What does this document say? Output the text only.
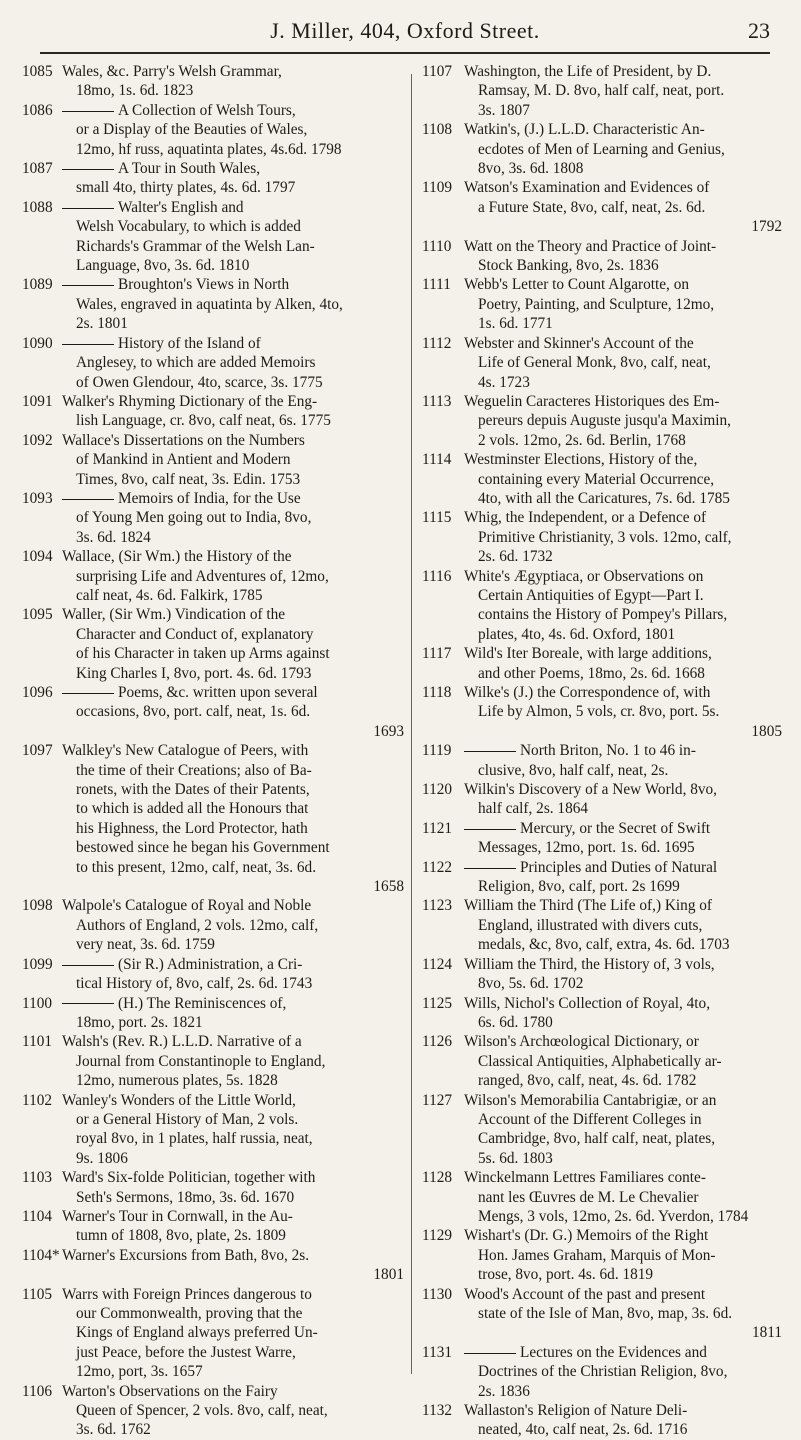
J. Miller, 404, Oxford Street.	23
1085 Wales, &c. Parry's Welsh Grammar,
18mo, 1s. 6d. 1823
1086	A Collection of Welsh Tours,
or a Display of the Beauties of Wales,
12mo, hf russ, aquatinta plates, 4s.6d. 1798
1087	A Tour in South Wales,
small 4to, thirty plates, 4s. 6d. 1797
1088	Walter's English and
Welsh Vocabulary, to which is added
Richards's Grammar of the Welsh Lan-
Language, 8vo, 3s. 6d. 1810
1089	Broughton's Views in North
Wales, engraved in aquatinta by Alken, 4to,
2s. 1801
1090	History of the Island of
Anglesey, to which are added Memoirs
of Owen Glendour, 4to, scarce, 3s. 1775
1091 Walker's Rhyming Dictionary of the Eng-
lish Language, cr. 8vo, calf neat, 6s. 1775
1092 Wallace's Dissertations on the Numbers
of Mankind in Antient and Modern
Times, 8vo, calf neat, 3s. Edin. 1753
1093	Memoirs of India, for the Use
of Young Men going out to India, 8vo,
3s. 6d. 1824
1094 Wallace, (Sir Wm.) the History of the
surprising Life and Adventures of, 12mo,
calf neat, 4s. 6d. Falkirk, 1785
1095 Waller, (Sir Wm.) Vindication of the
Character and Conduct of, explanatory
of his Character in taken up Arms against
King Charles I, 8vo, port. 4s. 6d. 1793
1096	Poems, &c. written upon several
occasions, 8vo, port. calf, neat, 1s. 6d.
1693
1097 Walkley's New Catalogue of Peers, with
the time of their Creations; also of Ba-
ronets, with the Dates of their Patents,
to which is added all the Honours that
his Highness, the Lord Protector, hath
bestowed since he began his Government
to this present, 12mo, calf, neat, 3s. 6d.
1658
1098 Walpole's Catalogue of Royal and Noble
Authors of England, 2 vols. 12mo, calf,
very neat, 3s. 6d. 1759
1099	(Sir R.) Administration, a Cri-
tical History of, 8vo, calf, 2s. 6d. 1743
1100	(H.) The Reminiscences of,
18mo, port. 2s. 1821
1101 Walsh's (Rev. R.) L.L.D. Narrative of a
Journal from Constantinople to England,
12mo, numerous plates, 5s. 1828
1102 Wanley's Wonders of the Little World,
or a General History of Man, 2 vols.
royal 8vo, in 1 plates, half russia, neat,
9s. 1806
1103 Ward's Six-folde Politician, together with
Seth's Sermons, 18mo, 3s. 6d. 1670
1104 Warner's Tour in Cornwall, in the Au-
tumn of 1808, 8vo, plate, 2s. 1809
1104* Warner's Excursions from Bath, 8vo, 2s.
1801
1105 Warrs with Foreign Princes dangerous to
our Commonwealth, proving that the
Kings of England always preferred Un-
just Peace, before the Justest Warre,
12mo, port, 3s. 1657
1106 Warton's Observations on the Fairy
Queen of Spencer, 2 vols. 8vo, calf, neat,
3s. 6d. 1762
1107 Washington, the Life of President, by D.
Ramsay, M. D. 8vo, half calf, neat, port.
3s. 1807
1108 Watkin's, (J.) L.L.D. Characteristic An-
ecdotes of Men of Learning and Genius,
8vo, 3s. 6d. 1808
1109 Watson's Examination and Evidences of
a Future State, 8vo, calf, neat, 2s. 6d.
1792
1110 Watt on the Theory and Practice of Joint-
Stock Banking, 8vo, 2s. 1836
1111 Webb's Letter to Count Algarotte, on
Poetry, Painting, and Sculpture, 12mo,
1s. 6d. 1771
1112 Webster and Skinner's Account of the
Life of General Monk, 8vo, calf, neat,
4s. 1723
1113 Weguelin Caracteres Historiques des Em-
pereurs depuis Auguste jusqu'a Maximin,
2 vols. 12mo, 2s. 6d. Berlin, 1768
1114 Westminster Elections, History of the,
containing every Material Occurrence,
4to, with all the Caricatures, 7s. 6d. 1785
1115 Whig, the Independent, or a Defence of
Primitive Christianity, 3 vols. 12mo, calf,
2s. 6d. 1732
1116 White's Ægyptiaca, or Observations on
Certain Antiquities of Egypt—Part I.
contains the History of Pompey's Pillars,
plates, 4to, 4s. 6d. Oxford, 1801
1117 Wild's Iter Boreale, with large additions,
and other Poems, 18mo, 2s. 6d. 1668
1118 Wilke's (J.) the Correspondence of, with
Life by Almon, 5 vols, cr. 8vo, port. 5s.
1805
1119	North Briton, No. 1 to 46 in-
clusive, 8vo, half calf, neat, 2s.
1120 Wilkin's Discovery of a New World, 8vo,
half calf, 2s. 1864
1121	Mercury, or the Secret of Swift
Messages, 12mo, port. 1s. 6d. 1695
1122	Principles and Duties of Natural
Religion, 8vo, calf, port. 2s 1699
1123 William the Third (The Life of,) King of
England, illustrated with divers cuts,
medals, &c, 8vo, calf, extra, 4s. 6d. 1703
1124 William the Third, the History of, 3 vols,
8vo, 5s. 6d. 1702
1125 Wills, Nichol's Collection of Royal, 4to,
6s. 6d. 1780
1126 Wilson's Archœological Dictionary, or
Classical Antiquities, Alphabetically ar-
ranged, 8vo, calf, neat, 4s. 6d. 1782
1127 Wilson's Memorabilia Cantabrigiæ, or an
Account of the Different Colleges in
Cambridge, 8vo, half calf, neat, plates,
5s. 6d. 1803
1128 Winckelmann Lettres Familiares conte-
nant les Œuvres de M. Le Chevalier
Mengs, 3 vols, 12mo, 2s. 6d. Yverdon, 1784
1129 Wishart's (Dr. G.) Memoirs of the Right
Hon. James Graham, Marquis of Mon-
trose, 8vo, port. 4s. 6d. 1819
1130 Wood's Account of the past and present
state of the Isle of Man, 8vo, map, 3s. 6d.
1811
1131	Lectures on the Evidences and
Doctrines of the Christian Religion, 8vo,
2s. 1836
1132 Wallaston's Religion of Nature Deli-
neated, 4to, calf neat, 2s. 6d. 1716
